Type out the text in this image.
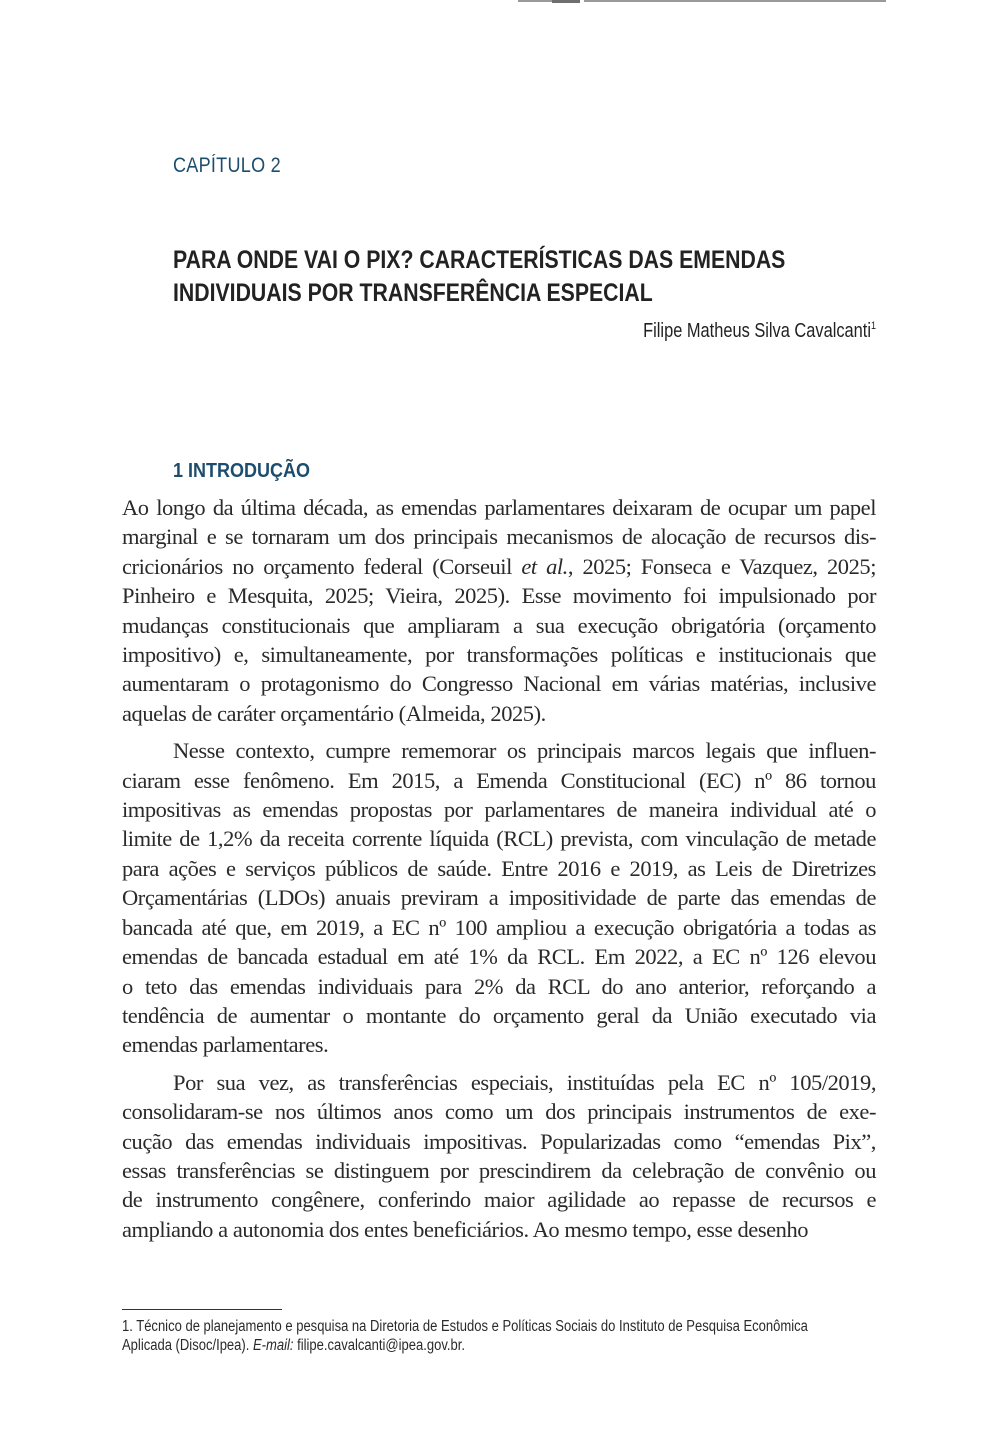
CAPÍTULO 2
PARA ONDE VAI O PIX? CARACTERÍSTICAS DAS EMENDAS
INDIVIDUAIS POR TRANSFERÊNCIA ESPECIAL
Filipe Matheus Silva Cavalcanti$^1$
1 INTRODUÇÃO
Ao longo da última década, as emendas parlamentares deixaram de ocupar um papel
marginal e se tornaram um dos principais mecanismos de alocação de recursos dis-
cricionários no orçamento federal (Corseuil et al., 2025; Fonseca e Vazquez, 2025;
Pinheiro e Mesquita, 2025; Vieira, 2025). Esse movimento foi impulsionado por
mudanças constitucionais que ampliaram a sua execução obrigatória (orçamento
impositivo) e, simultaneamente, por transformações políticas e institucionais que
aumentaram o protagonismo do Congresso Nacional em várias matérias, inclusive
aquelas de caráter orçamentário (Almeida, 2025).
Nesse contexto, cumpre rememorar os principais marcos legais que influen-
ciaram esse fenômeno. Em 2015, a Emenda Constitucional (EC) nº 86 tornou
impositivas as emendas propostas por parlamentares de maneira individual até o
limite de 1,2% da receita corrente líquida (RCL) prevista, com vinculação de metade
para ações e serviços públicos de saúde. Entre 2016 e 2019, as Leis de Diretrizes
Orçamentárias (LDOs) anuais previram a impositividade de parte das emendas de
bancada até que, em 2019, a EC nº 100 ampliou a execução obrigatória a todas as
emendas de bancada estadual em até 1% da RCL. Em 2022, a EC nº 126 elevou
o teto das emendas individuais para 2% da RCL do ano anterior, reforçando a
tendência de aumentar o montante do orçamento geral da União executado via
emendas parlamentares.
Por sua vez, as transferências especiais, instituídas pela EC nº 105/2019,
consolidaram-se nos últimos anos como um dos principais instrumentos de exe-
cução das emendas individuais impositivas. Popularizadas como “emendas Pix”,
essas transferências se distinguem por prescindirem da celebração de convênio ou
de instrumento congênere, conferindo maior agilidade ao repasse de recursos e
ampliando a autonomia dos entes beneficiários. Ao mesmo tempo, esse desenho
1. Técnico de planejamento e pesquisa na Diretoria de Estudos e Políticas Sociais do Instituto de Pesquisa Econômica
Aplicada (Disoc/Ipea). E-mail: filipe.cavalcanti@ipea.gov.br.
